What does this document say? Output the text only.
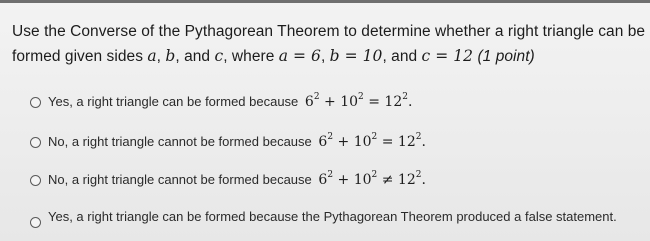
Use the Converse of the Pythagorean Theorem to determine whether a right triangle can be
formed given sides a, b, and c, where a = 6, b = 10, and c = 12 (1 point)
Yes, a right triangle can be formed because $6^2 + 10^2 = 12^2$.
No, a right triangle cannot be formed because $6^2 + 10^2 = 12^2$.
No, a right triangle cannot be formed because $6^2 + 10^2 \ne 12^2$.
Yes, a right triangle can be formed because the Pythagorean Theorem produced a false statement.
